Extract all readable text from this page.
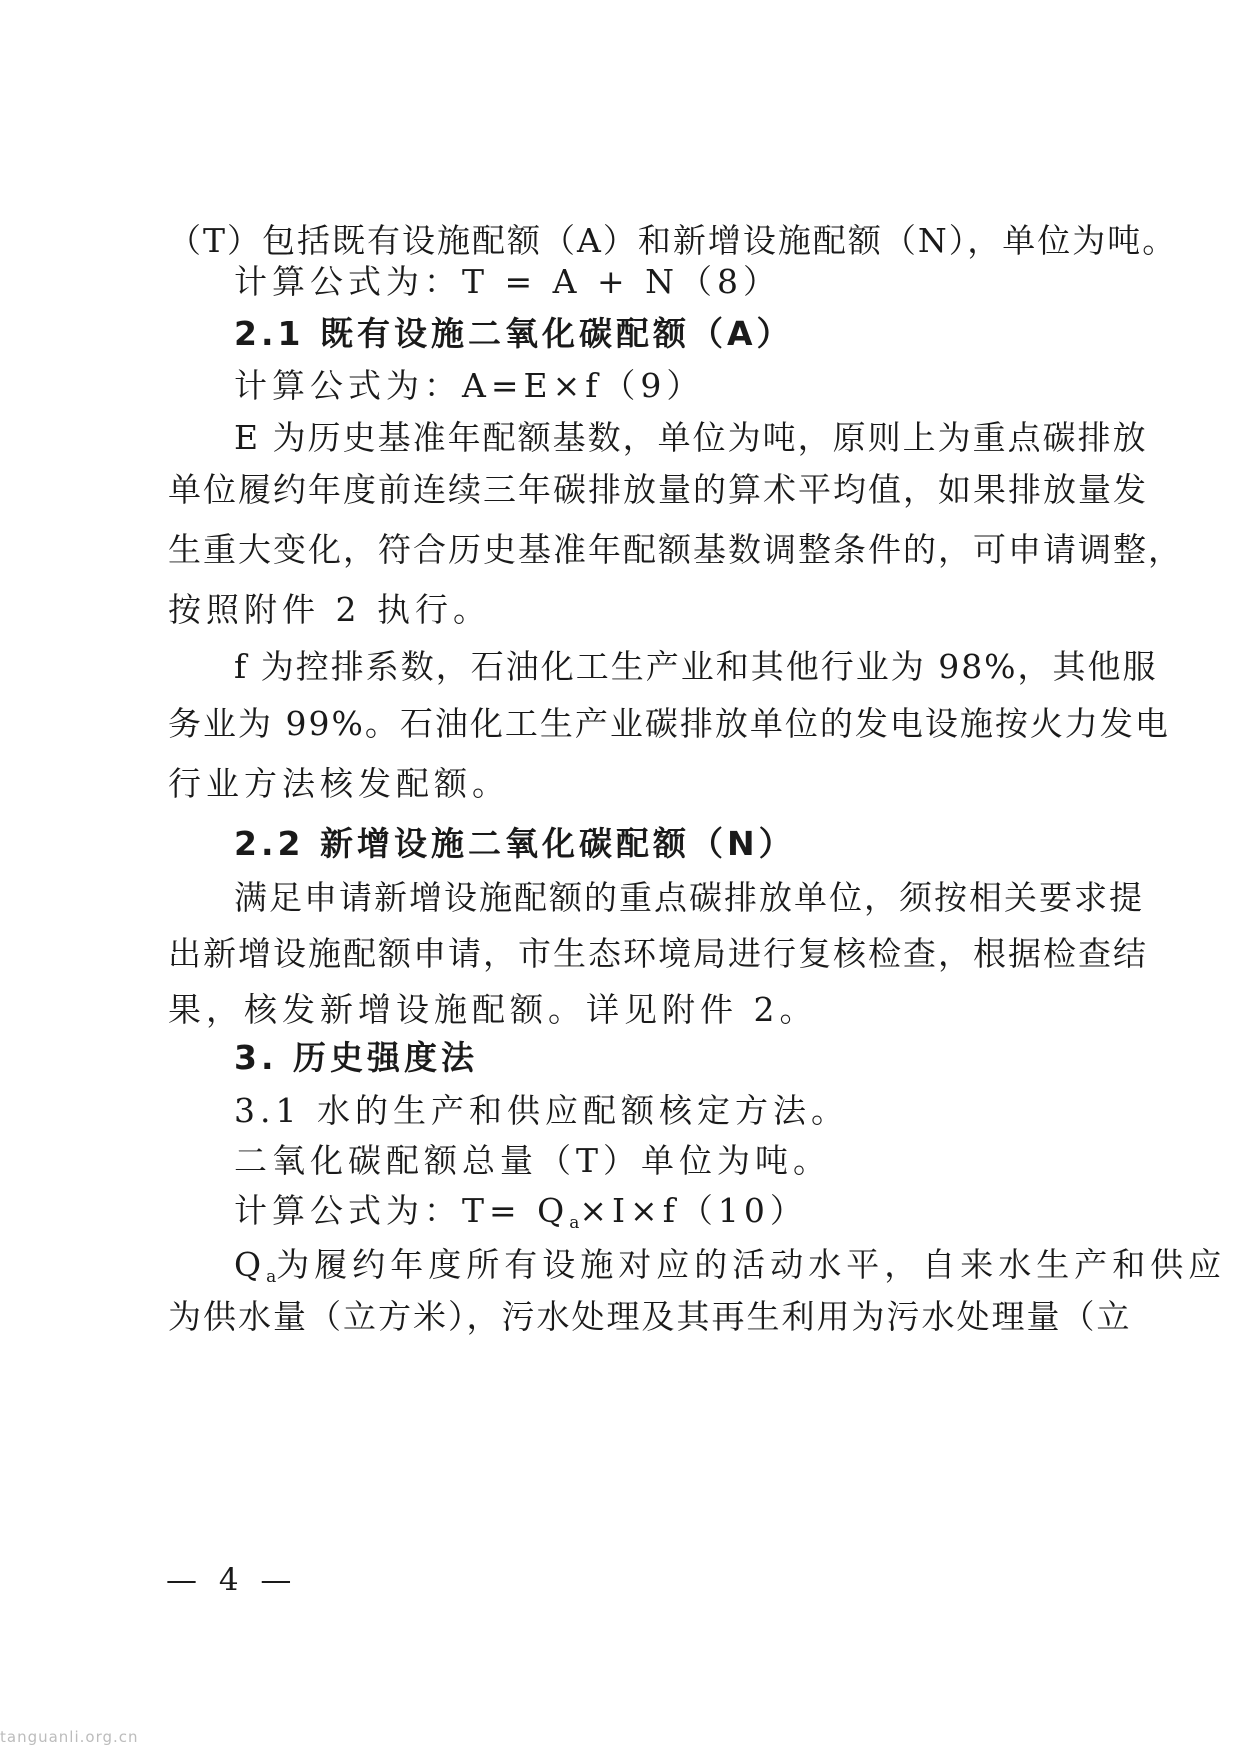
（T）包括既有设施配额（A）和新增设施配额（N），单位为吨。
计算公式为：T = A + N（8）
2.1 既有设施二氧化碳配额（A）
计算公式为：A=E×f（9）
E 为历史基准年配额基数，单位为吨，原则上为重点碳排放
单位履约年度前连续三年碳排放量的算术平均值，如果排放量发
生重大变化，符合历史基准年配额基数调整条件的，可申请调整，
按照附件 2 执行。
f 为控排系数，石油化工生产业和其他行业为 98%，其他服
务业为 99%。石油化工生产业碳排放单位的发电设施按火力发电
行业方法核发配额。
2.2 新增设施二氧化碳配额（N）
满足申请新增设施配额的重点碳排放单位，须按相关要求提
出新增设施配额申请，市生态环境局进行复核检查，根据检查结
果，核发新增设施配额。详见附件 2。
3. 历史强度法
3.1 水的生产和供应配额核定方法。
二氧化碳配额总量（T）单位为吨。
计算公式为：$T= Q_a\times I\times f(10)$
$Q_a$为履约年度所有设施对应的活动水平，自来水生产和供应
为供水量（立方米），污水处理及其再生利用为污水处理量（立
— 4 —
tanguanli.org.cn
